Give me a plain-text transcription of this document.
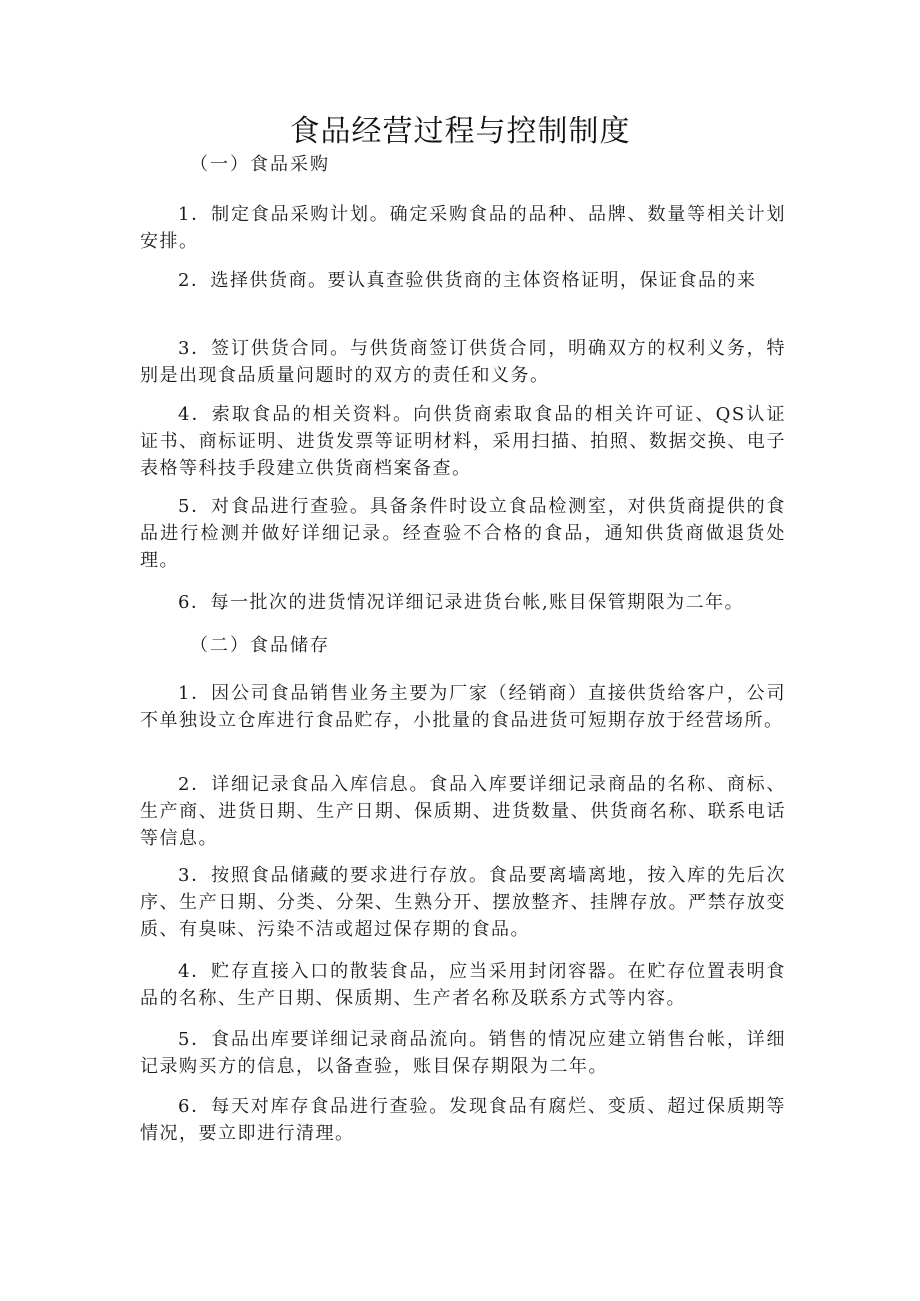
食品经营过程与控制制度
（一）食品采购

1．制定食品采购计划。确定采购食品的品种、品牌、数量等相关计划安排。

2．选择供货商。要认真查验供货商的主体资格证明，保证食品的来

3．签订供货合同。与供货商签订供货合同，明确双方的权利义务，特别是出现食品质量问题时的双方的责任和义务。

4．索取食品的相关资料。向供货商索取食品的相关许可证、QS认证证书、商标证明、进货发票等证明材料，采用扫描、拍照、数据交换、电子表格等科技手段建立供货商档案备查。

5．对食品进行查验。具备条件时设立食品检测室，对供货商提供的食品进行检测并做好详细记录。经查验不合格的食品，通知供货商做退货处理。

6．每一批次的进货情况详细记录进货台帐,账目保管期限为二年。

（二）食品储存

1．因公司食品销售业务主要为厂家（经销商）直接供货给客户，公司不单独设立仓库进行食品贮存，小批量的食品进货可短期存放于经营场所。

2．详细记录食品入库信息。食品入库要详细记录商品的名称、商标、生产商、进货日期、生产日期、保质期、进货数量、供货商名称、联系电话等信息。

3．按照食品储藏的要求进行存放。食品要离墙离地，按入库的先后次序、生产日期、分类、分架、生熟分开、摆放整齐、挂牌存放。严禁存放变质、有臭味、污染不洁或超过保存期的食品。

4．贮存直接入口的散装食品，应当采用封闭容器。在贮存位置表明食品的名称、生产日期、保质期、生产者名称及联系方式等内容。

5．食品出库要详细记录商品流向。销售的情况应建立销售台帐，详细记录购买方的信息，以备查验，账目保存期限为二年。

6．每天对库存食品进行查验。发现食品有腐烂、变质、超过保质期等情况，要立即进行清理。
